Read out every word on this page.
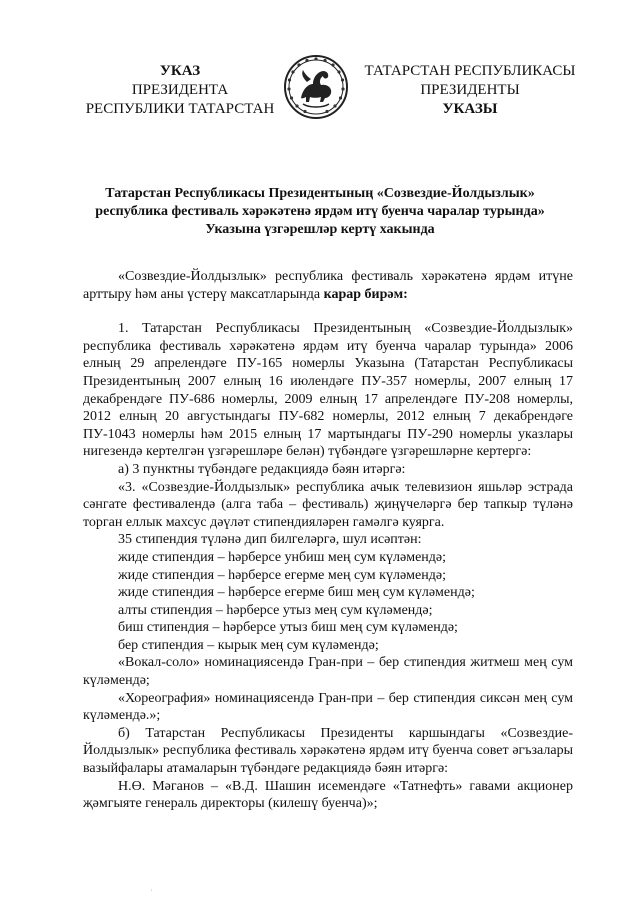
УКАЗ
ПРЕЗИДЕНТА
РЕСПУБЛИКИ ТАТАРСТАН
ТАТАРСТАН РЕСПУБЛИКАСЫ
ПРЕЗИДЕНТЫ
УКАЗЫ
Татарстан Республикасы Президентының «Созвездие-Йолдызлык»
республика фестиваль хәрәкәтенә ярдәм итү буенча чаралар турында»
Указына үзгәрешләр кертү хакында

«Созвездие-Йолдызлык» республика фестиваль хәрәкәтенә ярдәм итүне арттыру һәм аны үстерү максатларында карар бирәм:

1. Татарстан Республикасы Президентының «Созвездие-Йолдызлык» республика фестиваль хәрәкәтенә ярдәм итү буенча чаралар турында» 2006 елның 29 апрелендәге ПУ-165 номерлы Указына (Татарстан Республикасы Президентының 2007 елның 16 июлендәге ПУ-357 номерлы, 2007 елның 17 декабрендәге ПУ-686 номерлы, 2009 елның 17 апрелендәге ПУ-208 номерлы, 2012 елның 20 августындагы ПУ-682 номерлы, 2012 елның 7 декабрендәге ПУ-1043 номерлы һәм 2015 елның 17 мартындагы ПУ-290 номерлы указлары нигезендә кертелгән үзгәрешләре белән) түбәндәге үзгәрешләрне кертергә:

а) 3 пунктны түбәндәге редакциядә бәян итәргә:

«3. «Созвездие-Йолдызлык» республика ачык телевизион яшьләр эстрада сәнгате фестивалендә (алга таба – фестиваль) җиңүчеләргә бер тапкыр түләнә торган еллык махсус дәүләт стипендияләрен гамәлгә куярга.

35 стипендия түләнә дип билгеләргә, шул исәптән:

жиде стипендия – һәрберсе унбиш мең сум күләмендә;

жиде стипендия – һәрберсе егерме мең сум күләмендә;

жиде стипендия – һәрберсе егерме биш мең сум күләмендә;

алты стипендия – һәрберсе утыз мең сум күләмендә;

биш стипендия – һәрберсе утыз биш мең сум күләмендә;

бер стипендия – кырык мең сум күләмендә;

«Вокал-соло» номинациясендә Гран-при – бер стипендия житмеш мең сум күләмендә;

«Хореография» номинациясендә Гран-при – бер стипендия сиксән мең сум күләмендә.»;

б) Татарстан Республикасы Президенты каршындагы «Созвездие-Йолдызлык» республика фестиваль хәрәкәтенә ярдәм итү буенча совет әгъзалары вазыйфалары атамаларын түбәндәге редакциядә бәян итәргә:

Н.Ө. Мәганов – «В.Д. Шашин исемендәге «Татнефть» гавами акционер җәмгыяте генераль директоры (килешү буенча)»;

,
